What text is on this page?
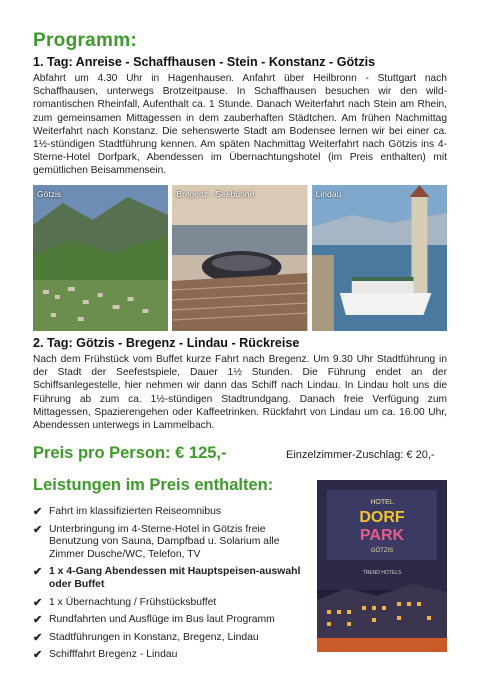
Programm:
1. Tag: Anreise - Schaffhausen - Stein - Konstanz - Götzis
Abfahrt um 4.30 Uhr in Hagenhausen. Anfahrt über Heilbronn - Stuttgart nach Schaffhausen, unterwegs Brotzeitpause. In Schaffhausen besuchen wir den wild-romantischen Rheinfall, Aufenthalt ca. 1 Stunde. Danach Weiterfahrt nach Stein am Rhein, zum gemeinsamen Mittagessen in dem zauberhaften Städtchen. Am frühen Nachmittag Weiterfahrt nach Konstanz. Die sehenswerte Stadt am Bodensee lernen wir bei einer ca. 1½-stündigen Stadtführung kennen. Am späten Nachmittag Weiterfahrt nach Götzis ins 4-Sterne-Hotel Dorfpark, Abendessen im Übernachtungshotel (im Preis enthalten) mit gemütlichen Beisammensein.
Götzis	Bregenz - Seebühne	Lindau
2. Tag: Götzis - Bregenz - Lindau - Rückreise
Nach dem Frühstück vom Buffet kurze Fahrt nach Bregenz. Um 9.30 Uhr Stadtführung in der Stadt der Seefestspiele, Dauer 1½ Stunden. Die Führung endet an der Schiffsanlegestelle, hier nehmen wir dann das Schiff nach Lindau. In Lindau holt uns die Führung ab zum ca. 1½-stündigen Stadtrundgang. Danach freie Verfügung zum Mittagessen, Spazierengehen oder Kaffeetrinken. Rückfahrt von Lindau um ca. 16.00 Uhr, Abendessen unterwegs in Lammelbach.
Preis pro Person: € 125,-	Einzelzimmer-Zuschlag: € 20,-
Leistungen im Preis enthalten:
✔ Fahrt im klassifizierten Reiseomnibus
✔ Unterbringung im 4-Sterne-Hotel in Götzis freie Benutzung von Sauna, Dampfbad u. Solarium alle Zimmer Dusche/WC, Telefon, TV
✔ 1 x 4-Gang Abendessen mit Hauptspeisen-auswahl oder Buffet
✔ 1 x Übernachtung / Frühstücksbuffet
✔ Rundfahrten und Ausflüge im Bus laut Programm
✔ Stadtführungen in Konstanz, Bregenz, Lindau
✔ Schifffahrt Bregenz - Lindau
HOTEL
DORF
PARK
GÖTZIS
TREND HOTELS
